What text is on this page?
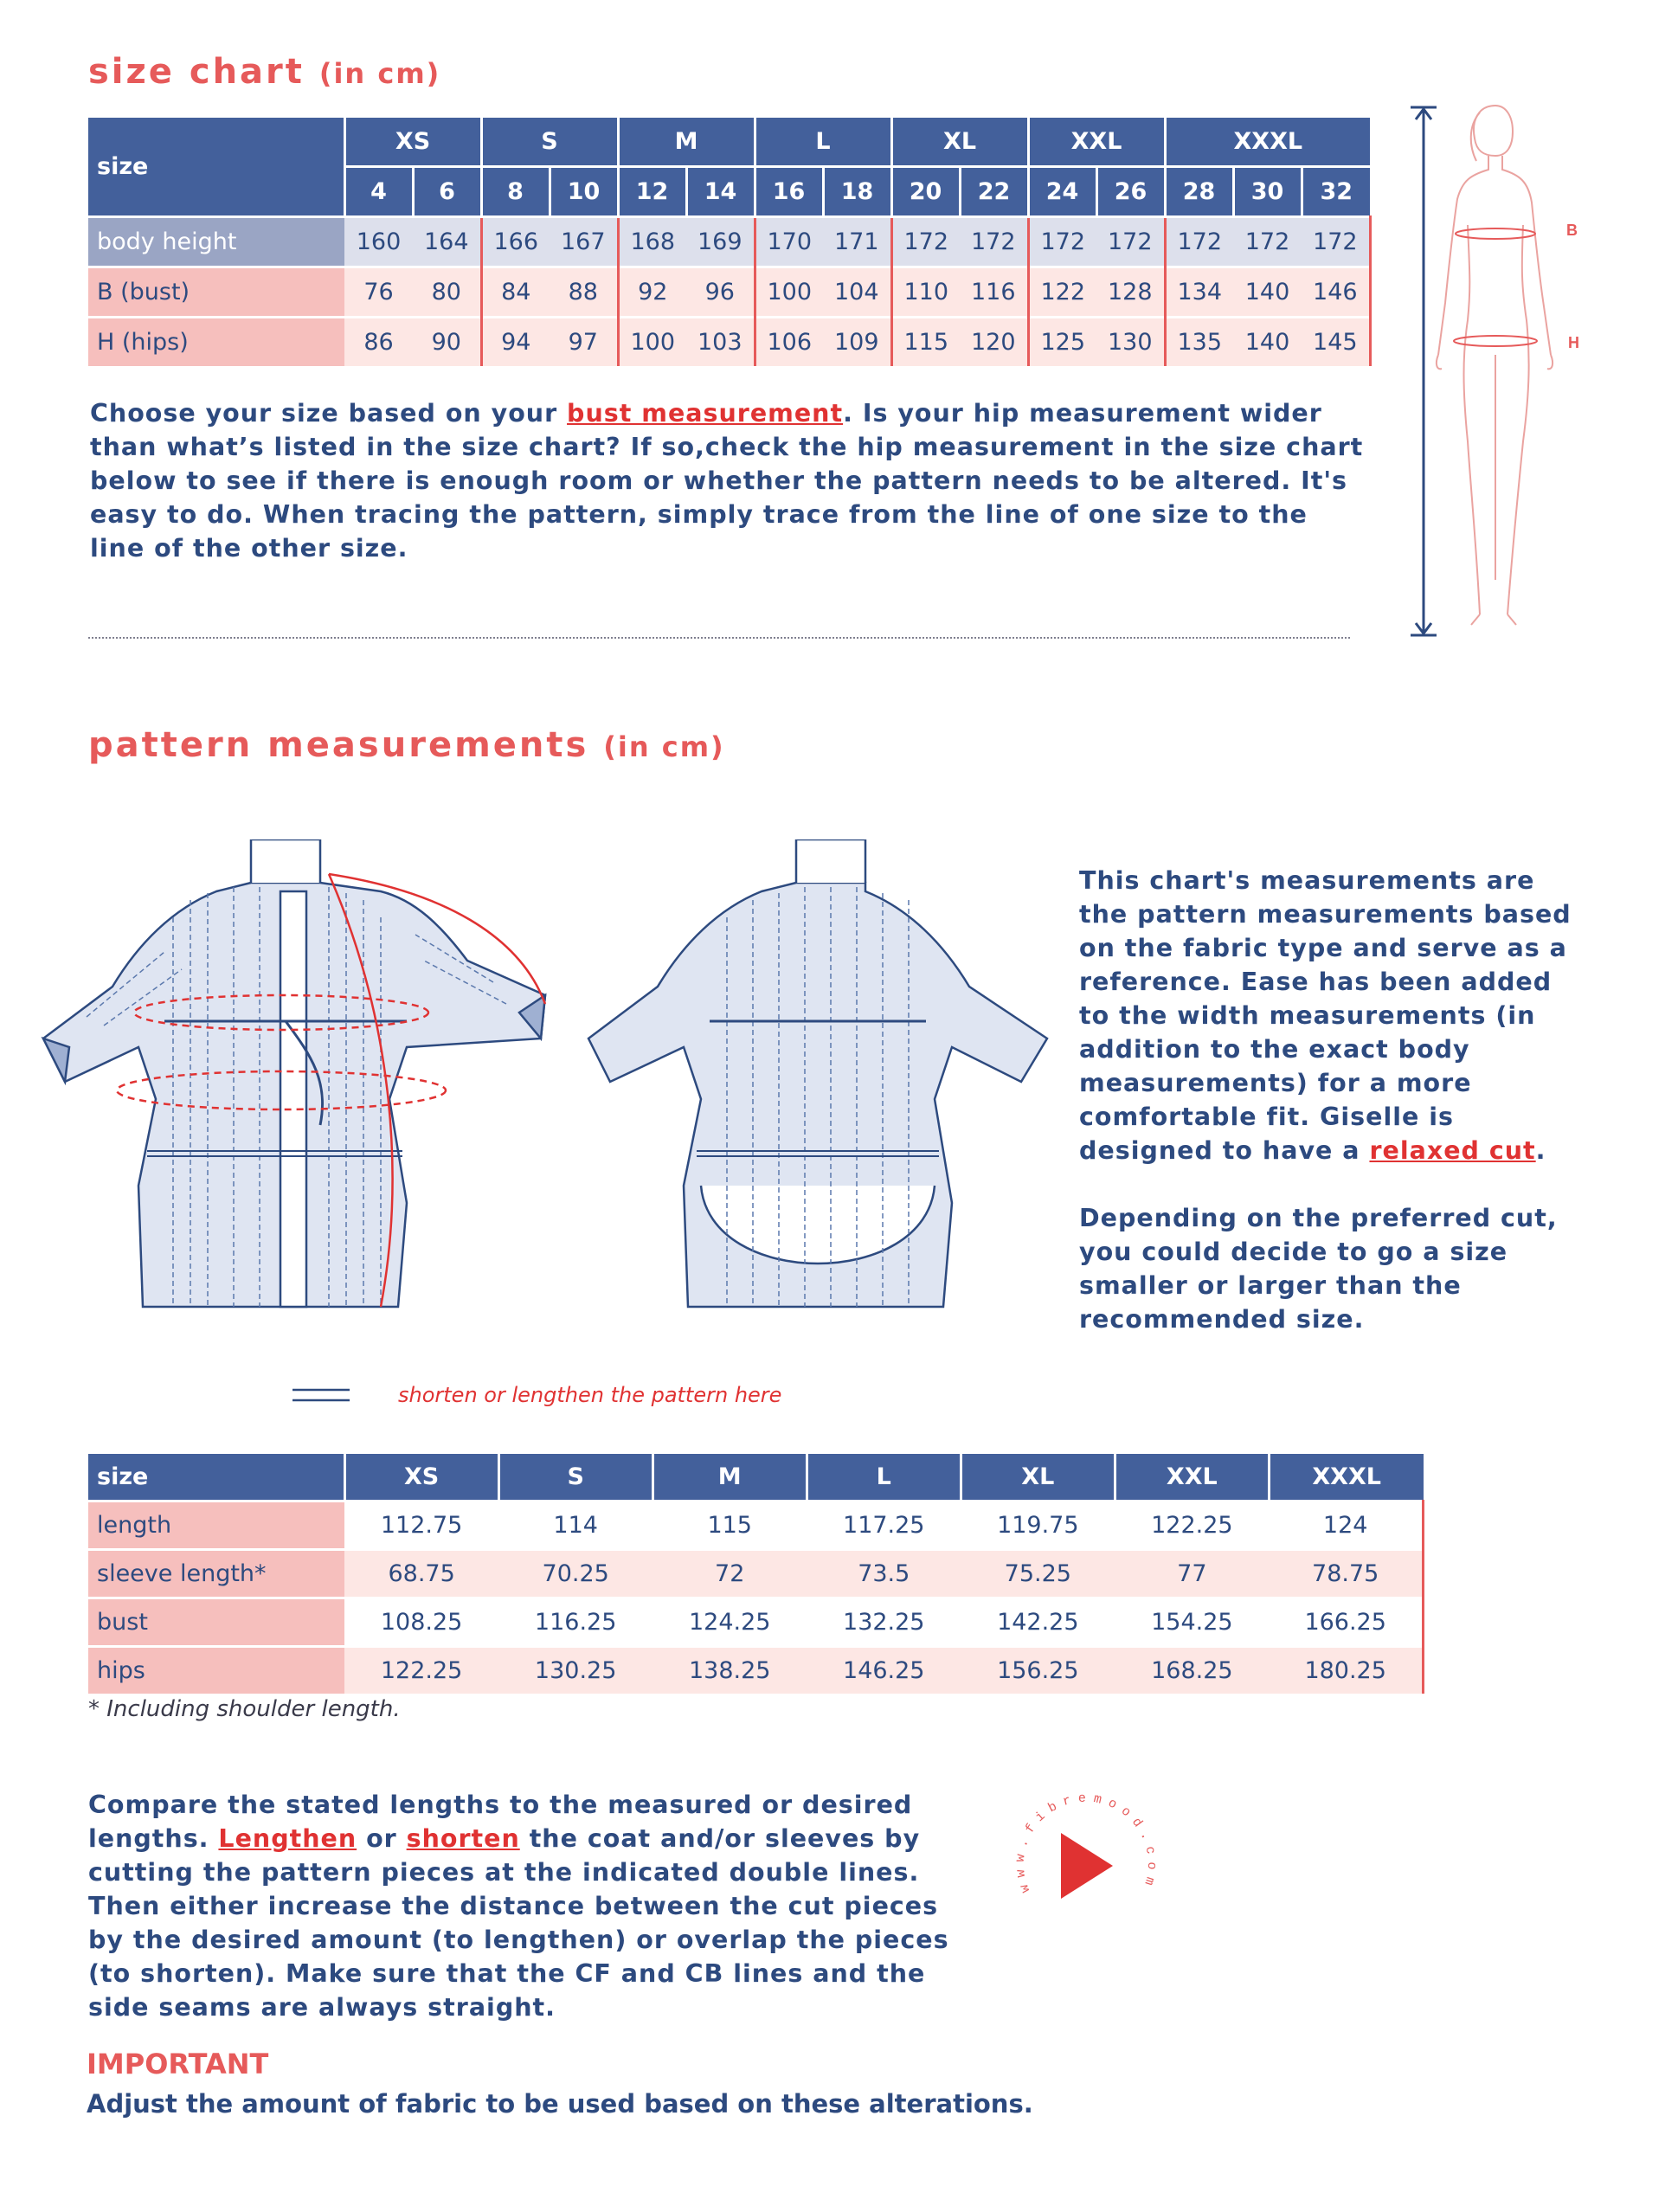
size chart (in cm)
size	XS		S		M		L		XL		XXL		XXXL		
	4	6	8	10	12	14	16	18	20	22	24	26	28	30	32
body height	160	164	166	167	168	169	170	171	172	172	172	172	172	172	172
B (bust)	76	80	84	88	92	96	100	104	110	116	122	128	134	140	146
H (hips)	86	90	94	97	100	103	106	109	115	120	125	130	135	140	145
B
H
Choose your size based on your bust measurement. Is your hip measurement wider than what’s listed in the size chart? If so,check the hip measurement in the size chart below to see if there is enough room or whether the pattern needs to be altered. It's easy to do. When tracing the pattern, simply trace from the line of one size to the line of the other size.
pattern measurements (in cm)

This chart's measurements are the pattern measurements based on the fabric type and serve as a reference. Ease has been added to the width measurements (in addition to the exact body measurements) for a more comfortable fit. Giselle is designed to have a relaxed cut.

Depending on the preferred cut, you could decide to go a size smaller or larger than the recommended size.

shorten or lengthen the pattern here
size	XS	S	M	L	XL	XXL	XXXL
length	112.75	114	115	117.25	119.75	122.25	124
sleeve length*	68.75	70.25	72	73.5	75.25	77	78.75
bust	108.25	116.25	124.25	132.25	142.25	154.25	166.25
hips	122.25	130.25	138.25	146.25	156.25	168.25	180.25
* Including shoulder length.
Compare the stated lengths to the measured or desired lengths. Lengthen or shorten the coat and/or sleeves by cutting the pattern pieces at the indicated double lines. Then either increase the distance between the cut pieces by the desired amount (to lengthen) or overlap the pieces (to shorten). Make sure that the CF and CB lines and the side seams are always straight.
www.fibremood.com
IMPORTANT
Adjust the amount of fabric to be used based on these alterations.
